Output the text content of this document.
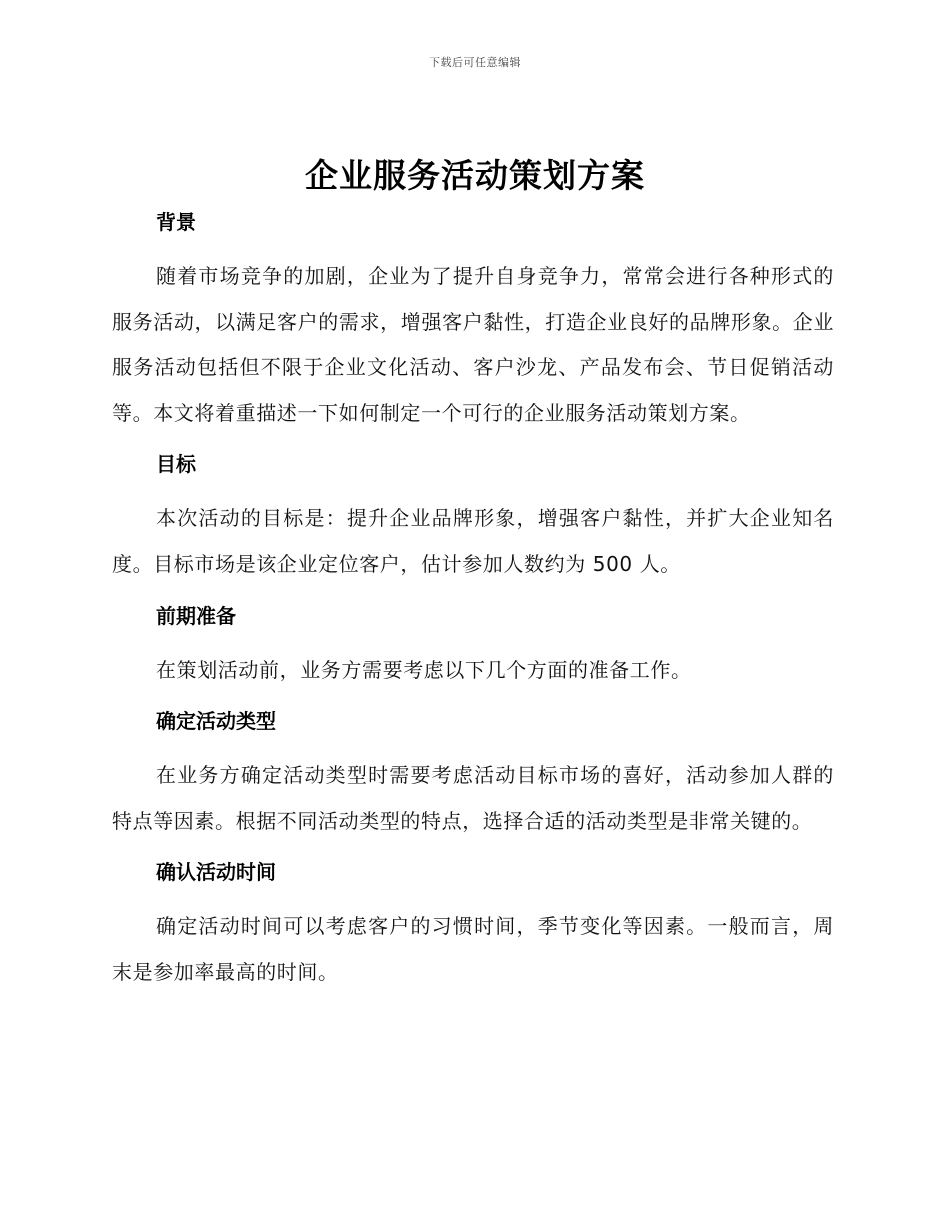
下载后可任意编辑
企业服务活动策划方案
背景

随着市场竞争的加剧，企业为了提升自身竞争力，常常会进行各种形式的服务活动，以满足客户的需求，增强客户黏性，打造企业良好的品牌形象。企业服务活动包括但不限于企业文化活动、客户沙龙、产品发布会、节日促销活动等。本文将着重描述一下如何制定一个可行的企业服务活动策划方案。

目标

本次活动的目标是：提升企业品牌形象，增强客户黏性，并扩大企业知名度。目标市场是该企业定位客户，估计参加人数约为 500 人。

前期准备

在策划活动前，业务方需要考虑以下几个方面的准备工作。

确定活动类型

在业务方确定活动类型时需要考虑活动目标市场的喜好，活动参加人群的特点等因素。根据不同活动类型的特点，选择合适的活动类型是非常关键的。

确认活动时间

确定活动时间可以考虑客户的习惯时间，季节变化等因素。一般而言，周末是参加率最高的时间。
